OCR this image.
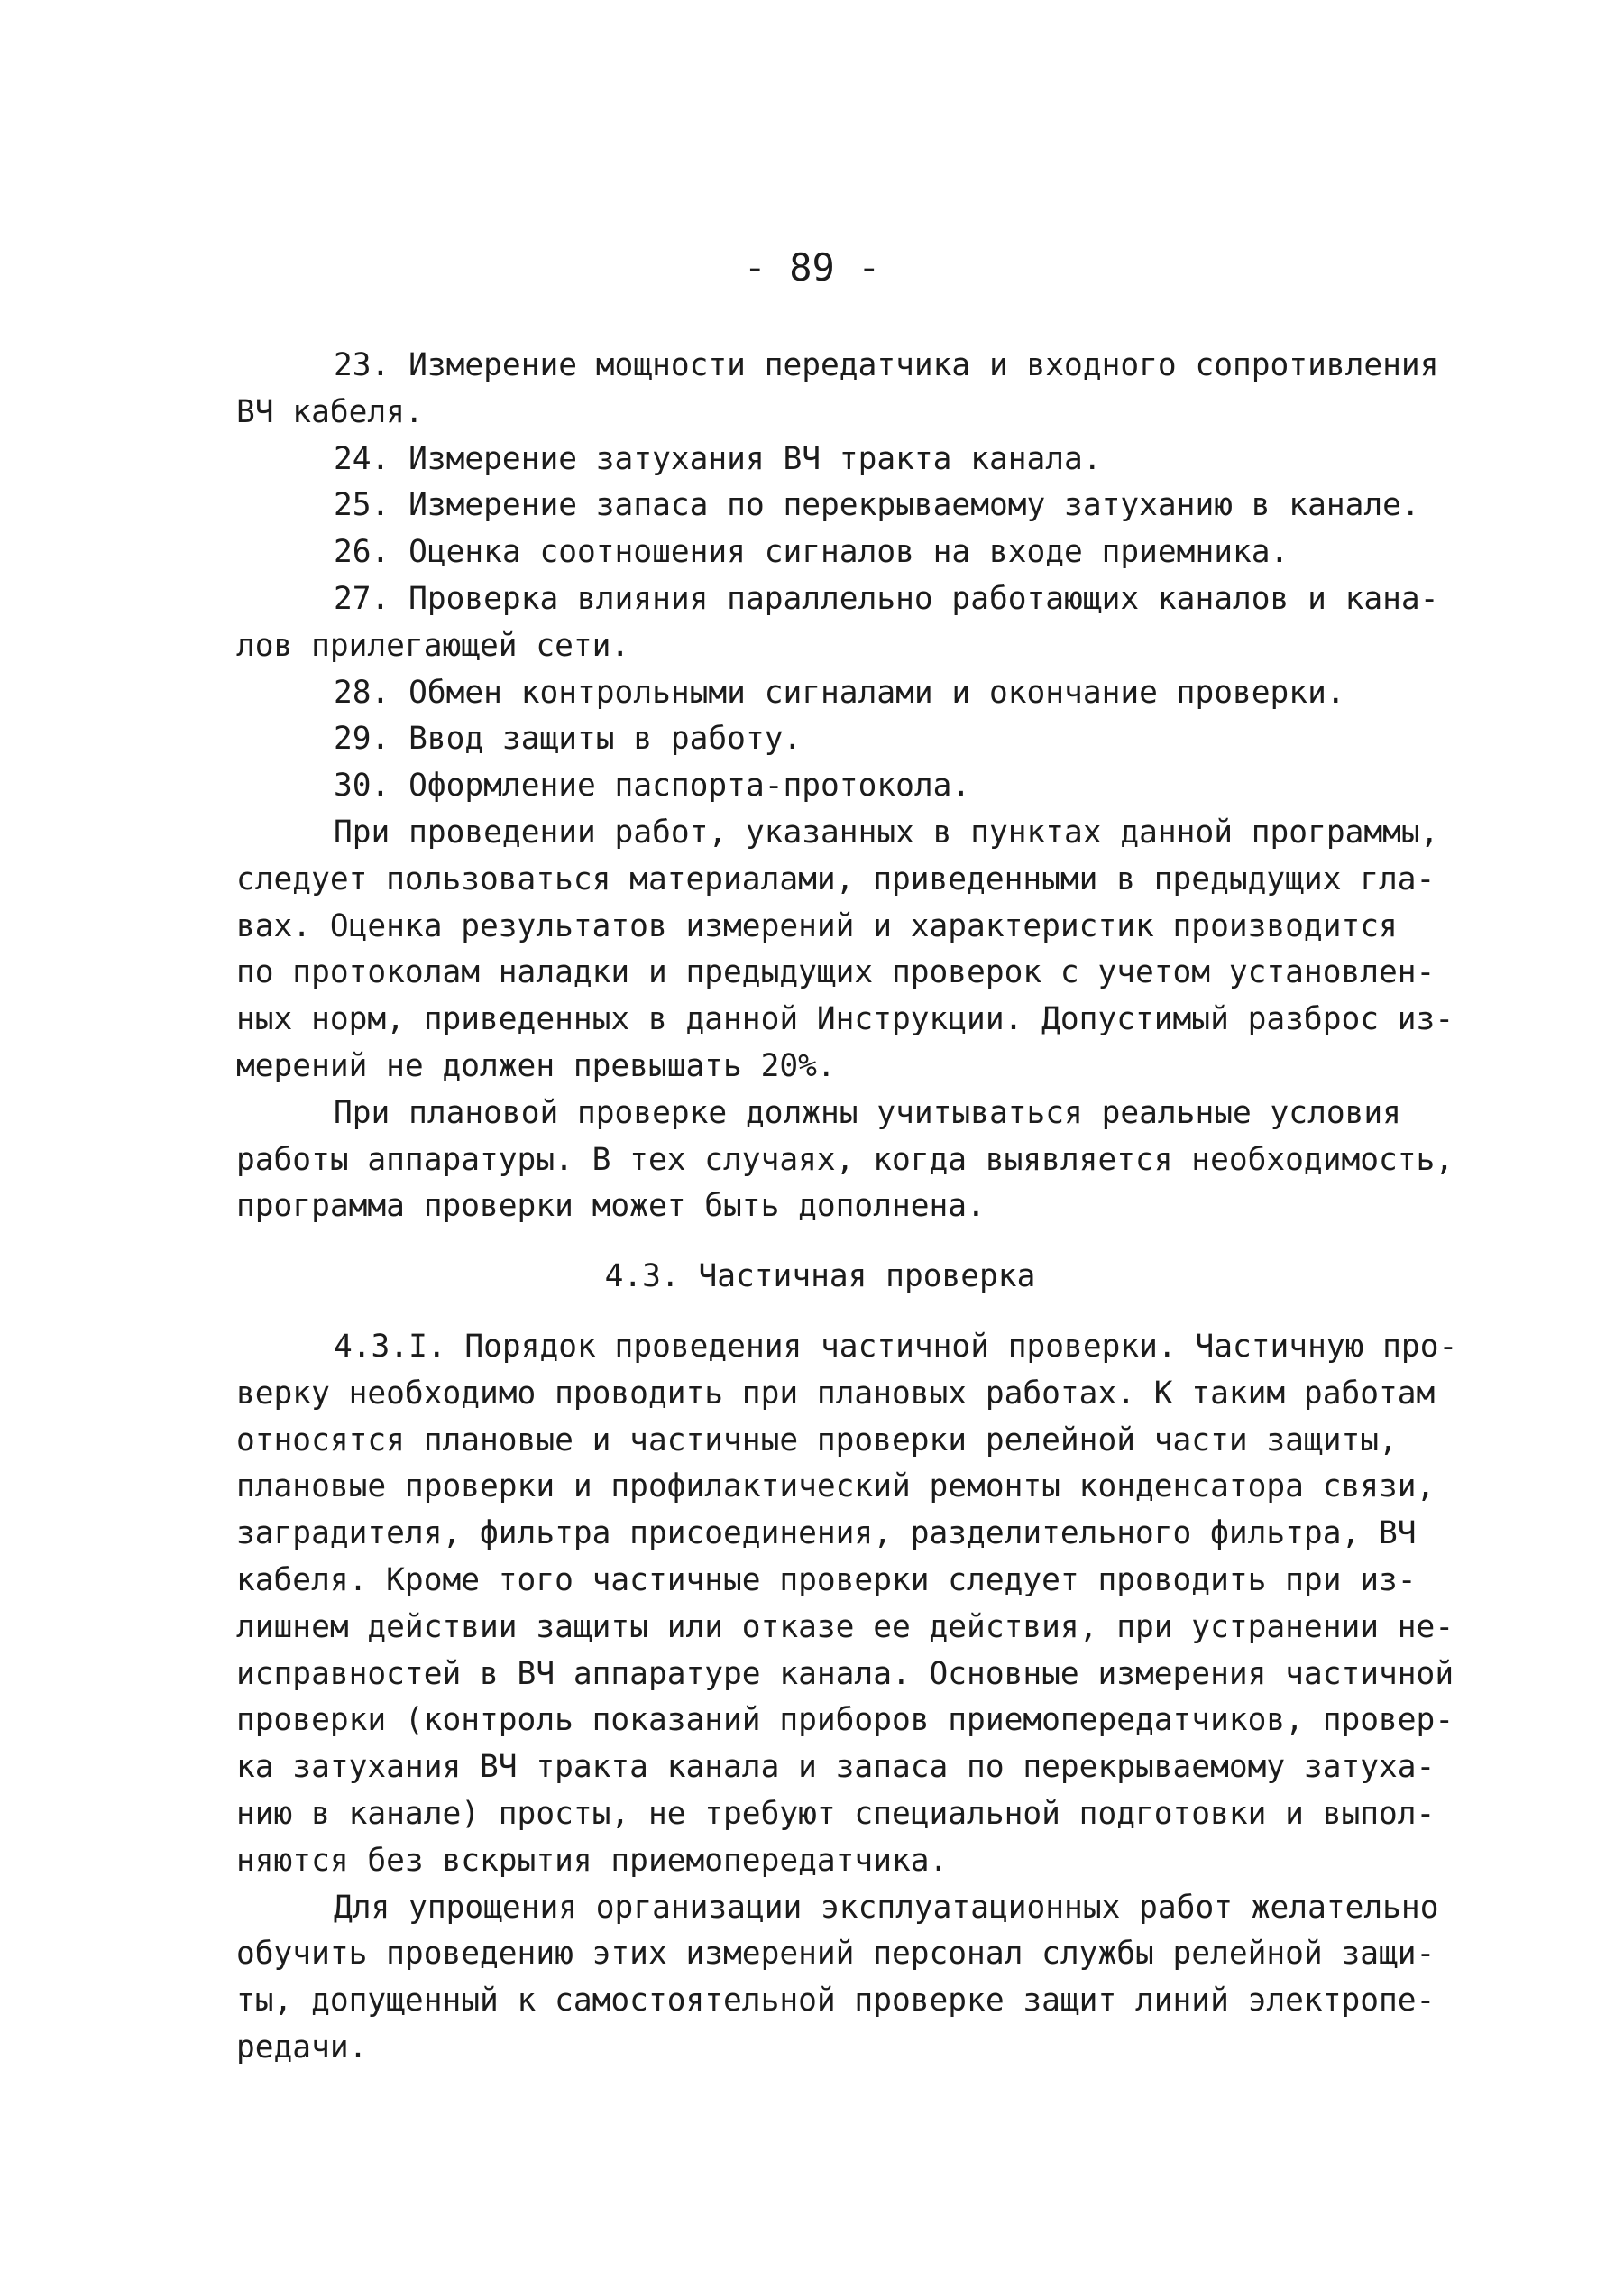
- 89 -
23. Измерение мощности передатчика и входного сопротивления
ВЧ кабеля.
24. Измерение затухания ВЧ тракта канала.
25. Измерение запаса по перекрываемому затуханию в канале.
26. Оценка соотношения сигналов на входе приемника.
27. Проверка влияния параллельно работающих каналов и кана-
лов прилегающей сети.
28. Обмен контрольными сигналами и окончание проверки.
29. Ввод защиты в работу.
30. Оформление паспорта-протокола.
При проведении работ, указанных в пунктах данной программы,
следует пользоваться материалами, приведенными в предыдущих гла-
вах. Оценка результатов измерений и характеристик производится
по протоколам наладки и предыдущих проверок с учетом установлен-
ных норм, приведенных в данной Инструкции. Допустимый разброс из-
мерений не должен превышать 20%.
При плановой проверке должны учитываться реальные условия
работы аппаратуры. В тех случаях, когда выявляется необходимость,
программа проверки может быть дополнена.
4.3. Частичная проверка
4.3.I. Порядок проведения частичной проверки. Частичную про-
верку необходимо проводить при плановых работах. К таким работам
относятся плановые и частичные проверки релейной части защиты,
плановые проверки и профилактический ремонты конденсатора связи,
заградителя, фильтра присоединения, разделительного фильтра, ВЧ
кабеля. Кроме того частичные проверки следует проводить при из-
лишнем действии защиты или отказе ее действия, при устранении не-
исправностей в ВЧ аппаратуре канала. Основные измерения частичной
проверки (контроль показаний приборов приемопередатчиков, провер-
ка затухания ВЧ тракта канала и запаса по перекрываемому затуха-
нию в канале) просты, не требуют специальной подготовки и выпол-
няются без вскрытия приемопередатчика.
Для упрощения организации эксплуатационных работ желательно
обучить проведению этих измерений персонал службы релейной защи-
ты, допущенный к самостоятельной проверке защит линий электропе-
редачи.
